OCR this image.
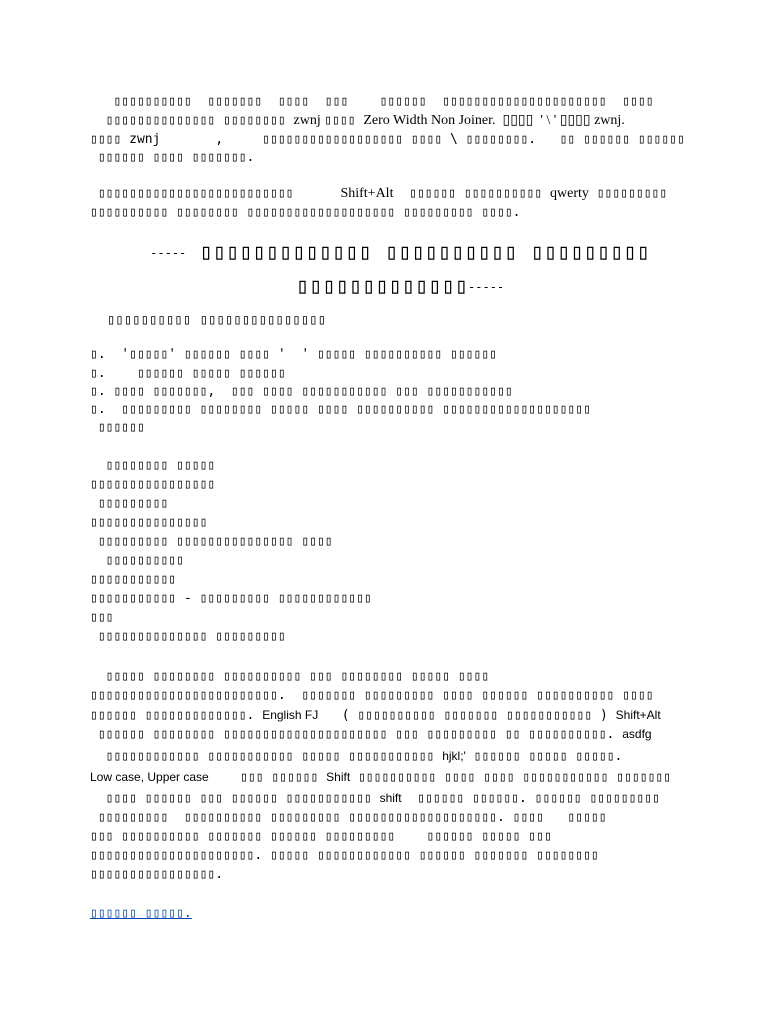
▯▯▯▯▯▯▯▯▯▯  ▯▯▯▯▯▯▯  ▯▯▯▯  ▯▯▯    ▯▯▯▯▯▯  ▯▯▯▯▯▯▯▯▯▯▯▯▯▯▯▯▯▯▯▯▯  ▯▯▯▯
▯▯▯▯▯▯▯▯▯▯▯▯▯▯ ▯▯▯▯▯▯▯▯ zwnj ▯▯▯▯ Zero Width Non Joiner.  ▯▯▯▯  ' \ ' ▯▯▯▯ zwnj.
▯▯▯▯ zwnj       ,     ▯▯▯▯▯▯▯▯▯▯▯▯▯▯▯▯▯▯ ▯▯▯▯ \ ▯▯▯▯▯▯▯▯.   ▯▯ ▯▯▯▯▯▯ ▯▯▯▯▯▯
▯▯▯▯▯▯ ▯▯▯▯ ▯▯▯▯▯▯▯.
▯▯▯▯▯▯▯▯▯▯▯▯▯▯▯▯▯▯▯▯▯▯▯▯▯      Shift+Alt  ▯▯▯▯▯▯ ▯▯▯▯▯▯▯▯▯▯ qwerty ▯▯▯▯▯▯▯▯▯
▯▯▯▯▯▯▯▯▯▯ ▯▯▯▯▯▯▯▯ ▯▯▯▯▯▯▯▯▯▯▯▯▯▯▯▯▯▯▯ ▯▯▯▯▯▯▯▯▯ ▯▯▯▯.
----- ▯▯▯▯▯▯▯▯▯▯▯▯▯ ▯▯▯▯▯▯▯▯▯▯ ▯▯▯▯▯▯▯▯▯
▯▯▯▯▯▯▯▯▯▯▯▯▯-----
▯▯▯▯▯▯▯▯▯▯ ▯▯▯▯▯▯▯▯▯▯▯▯▯▯▯
▯.  '▯▯▯▯▯' ▯▯▯▯▯▯ ▯▯▯▯ '  ' ▯▯▯▯▯ ▯▯▯▯▯▯▯▯▯▯ ▯▯▯▯▯▯
▯.    ▯▯▯▯▯▯ ▯▯▯▯▯ ▯▯▯▯▯▯
▯. ▯▯▯▯ ▯▯▯▯▯▯▯,  ▯▯▯ ▯▯▯▯ ▯▯▯▯▯▯▯▯▯▯▯ ▯▯▯ ▯▯▯▯▯▯▯▯▯▯▯
▯.  ▯▯▯▯▯▯▯▯▯ ▯▯▯▯▯▯▯▯ ▯▯▯▯▯ ▯▯▯▯ ▯▯▯▯▯▯▯▯▯▯ ▯▯▯▯▯▯▯▯▯▯▯▯▯▯▯▯▯▯▯
▯▯▯▯▯▯
▯▯▯▯▯▯▯▯ ▯▯▯▯▯
▯▯▯▯▯▯▯▯▯▯▯▯▯▯▯▯
▯▯▯▯▯▯▯▯▯
▯▯▯▯▯▯▯▯▯▯▯▯▯▯▯
▯▯▯▯▯▯▯▯▯ ▯▯▯▯▯▯▯▯▯▯▯▯▯▯▯ ▯▯▯▯
▯▯▯▯▯▯▯▯▯▯
▯▯▯▯▯▯▯▯▯▯▯
▯▯▯▯▯▯▯▯▯▯▯ - ▯▯▯▯▯▯▯▯▯ ▯▯▯▯▯▯▯▯▯▯▯▯
▯▯▯
▯▯▯▯▯▯▯▯▯▯▯▯▯▯ ▯▯▯▯▯▯▯▯▯
▯▯▯▯▯ ▯▯▯▯▯▯▯▯ ▯▯▯▯▯▯▯▯▯▯ ▯▯▯ ▯▯▯▯▯▯▯▯ ▯▯▯▯▯ ▯▯▯▯
▯▯▯▯▯▯▯▯▯▯▯▯▯▯▯▯▯▯▯▯▯▯▯▯.  ▯▯▯▯▯▯▯ ▯▯▯▯▯▯▯▯▯ ▯▯▯▯ ▯▯▯▯▯▯ ▯▯▯▯▯▯▯▯▯▯ ▯▯▯▯
▯▯▯▯▯▯ ▯▯▯▯▯▯▯▯▯▯▯▯▯. English FJ   ( ▯▯▯▯▯▯▯▯▯▯ ▯▯▯▯▯▯▯ ▯▯▯▯▯▯▯▯▯▯▯ ) Shift+Alt
▯▯▯▯▯▯ ▯▯▯▯▯▯▯▯ ▯▯▯▯▯▯▯▯▯▯▯▯▯▯▯▯▯▯▯▯▯ ▯▯▯ ▯▯▯▯▯▯▯▯▯ ▯▯ ▯▯▯▯▯▯▯▯▯▯. asdfg
▯▯▯▯▯▯▯▯▯▯▯▯ ▯▯▯▯▯▯▯▯▯▯▯ ▯▯▯▯▯ ▯▯▯▯▯▯▯▯▯▯▯ hjkl;' ▯▯▯▯▯▯ ▯▯▯▯▯ ▯▯▯▯▯.
Low case, Upper case    ▯▯▯ ▯▯▯▯▯▯ Shift ▯▯▯▯▯▯▯▯▯▯ ▯▯▯▯ ▯▯▯▯ ▯▯▯▯▯▯▯▯▯▯▯ ▯▯▯▯▯▯▯
▯▯▯▯ ▯▯▯▯▯▯ ▯▯▯ ▯▯▯▯▯▯ ▯▯▯▯▯▯▯▯▯▯▯ shift  ▯▯▯▯▯▯ ▯▯▯▯▯▯. ▯▯▯▯▯▯ ▯▯▯▯▯▯▯▯▯
▯▯▯▯▯▯▯▯▯  ▯▯▯▯▯▯▯▯▯▯ ▯▯▯▯▯▯▯▯▯ ▯▯▯▯▯▯▯▯▯▯▯▯▯▯▯▯▯▯▯. ▯▯▯▯   ▯▯▯▯▯
▯▯▯ ▯▯▯▯▯▯▯▯▯▯ ▯▯▯▯▯▯▯ ▯▯▯▯▯▯ ▯▯▯▯▯▯▯▯▯    ▯▯▯▯▯▯ ▯▯▯▯▯ ▯▯▯
▯▯▯▯▯▯▯▯▯▯▯▯▯▯▯▯▯▯▯▯▯. ▯▯▯▯▯ ▯▯▯▯▯▯▯▯▯▯▯▯ ▯▯▯▯▯▯ ▯▯▯▯▯▯▯ ▯▯▯▯▯▯▯▯
▯▯▯▯▯▯▯▯▯▯▯▯▯▯▯▯.
▯▯▯▯▯▯ ▯▯▯▯▯.
